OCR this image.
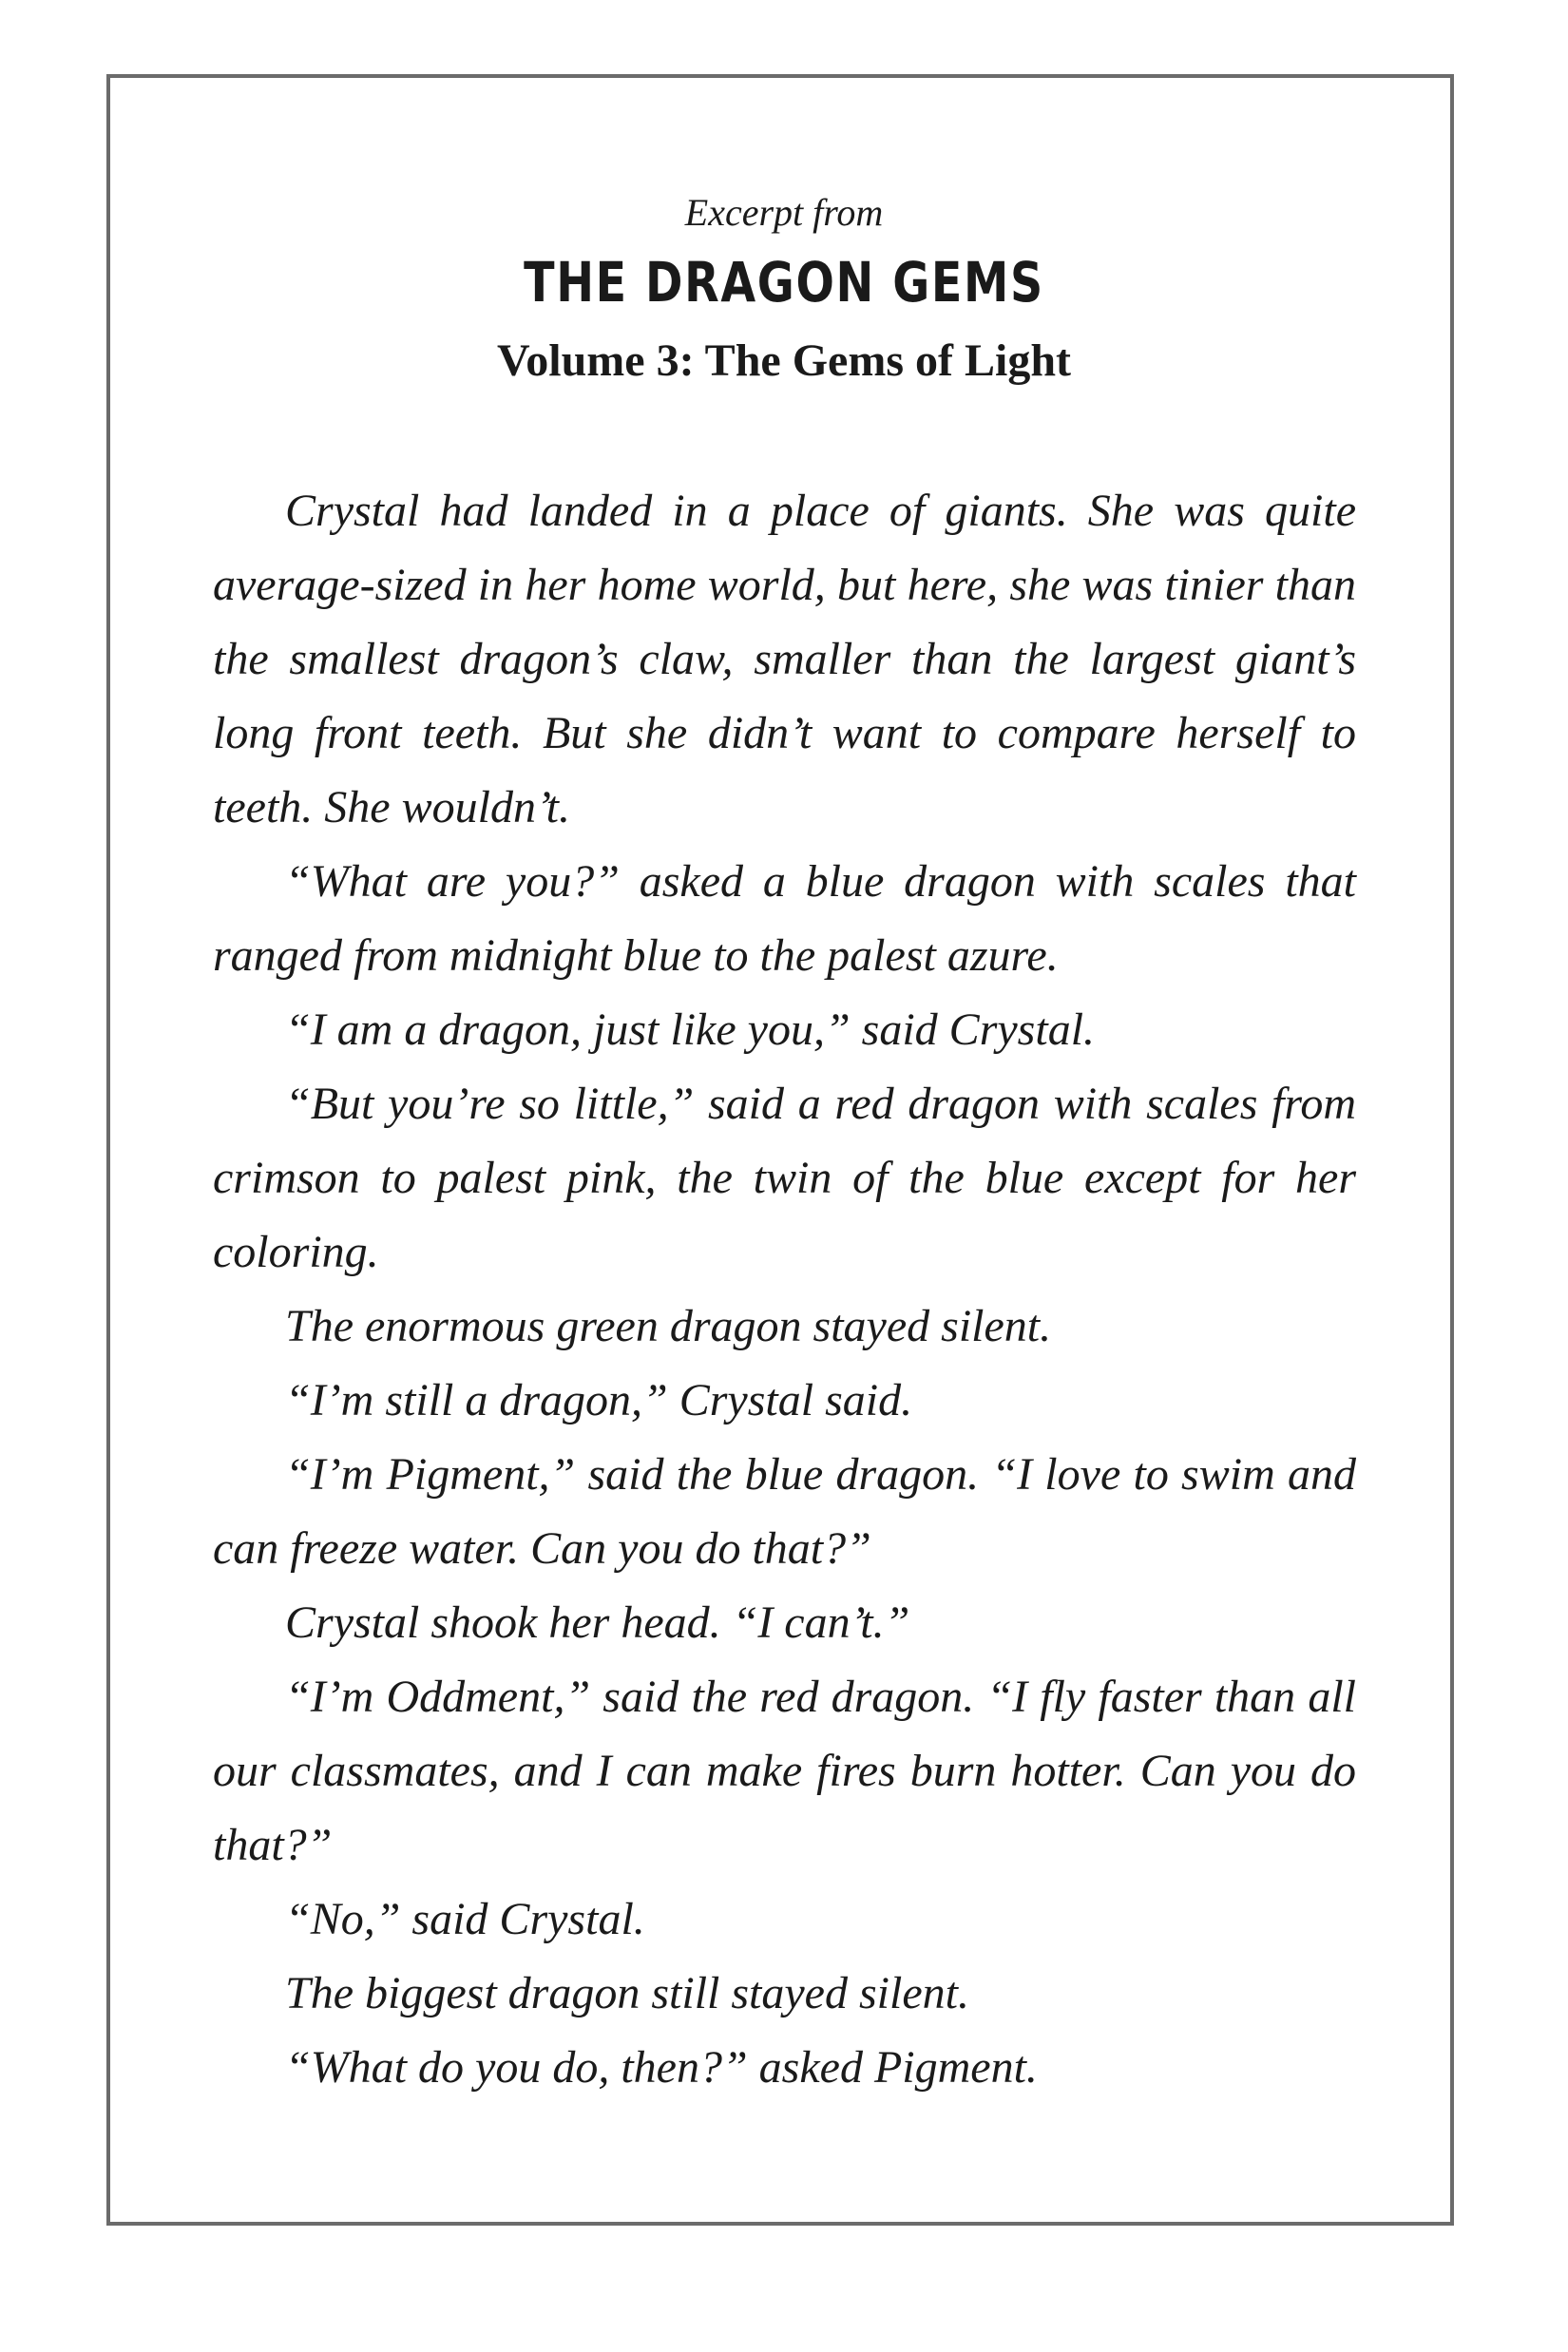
Excerpt from
THE DRAGON GEMS
Volume 3: The Gems of Light

Crystal had landed in a place of giants. She was quite average-sized in her home world, but here, she was tinier than the smallest dragon’s claw, smaller than the largest giant’s long front teeth. But she didn’t want to compare herself to teeth. She wouldn’t.

“What are you?” asked a blue dragon with scales that ranged from midnight blue to the palest azure.

“I am a dragon, just like you,” said Crystal.

“But you’re so little,” said a red dragon with scales from crimson to palest pink, the twin of the blue except for her coloring.

The enormous green dragon stayed silent.

“I’m still a dragon,” Crystal said.

“I’m Pigment,” said the blue dragon. “I love to swim and can freeze water. Can you do that?”

Crystal shook her head. “I can’t.”

“I’m Oddment,” said the red dragon. “I fly faster than all our classmates, and I can make fires burn hotter. Can you do that?”

“No,” said Crystal.

The biggest dragon still stayed silent.

“What do you do, then?” asked Pigment.
